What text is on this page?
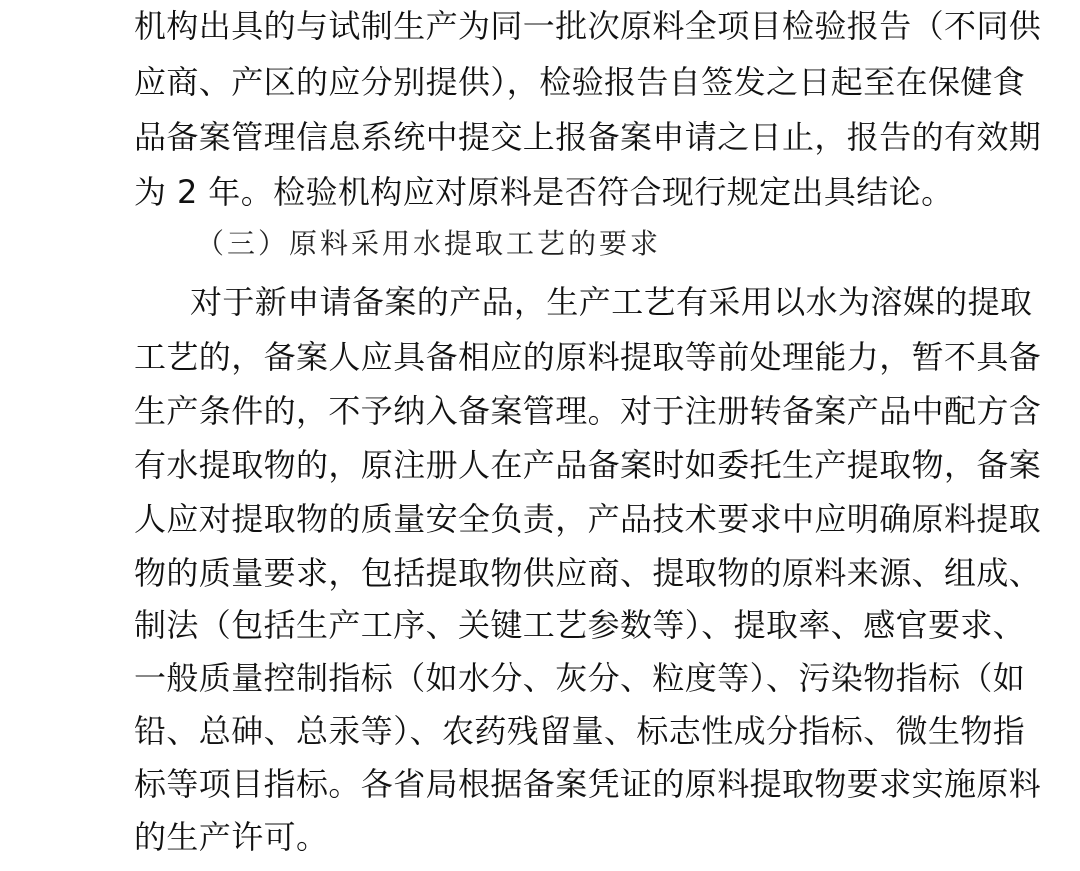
机构出具的与试制生产为同一批次原料全项目检验报告（不同供
应商、产区的应分别提供），检验报告自签发之日起至在保健食
品备案管理信息系统中提交上报备案申请之日止，报告的有效期
为 2 年。检验机构应对原料是否符合现行规定出具结论。
（三）原料采用水提取工艺的要求
对于新申请备案的产品，生产工艺有采用以水为溶媒的提取
工艺的，备案人应具备相应的原料提取等前处理能力，暂不具备
生产条件的，不予纳入备案管理。对于注册转备案产品中配方含
有水提取物的，原注册人在产品备案时如委托生产提取物，备案
人应对提取物的质量安全负责，产品技术要求中应明确原料提取
物的质量要求，包括提取物供应商、提取物的原料来源、组成、
制法（包括生产工序、关键工艺参数等）、提取率、感官要求、
一般质量控制指标（如水分、灰分、粒度等）、污染物指标（如
铅、总砷、总汞等）、农药残留量、标志性成分指标、微生物指
标等项目指标。各省局根据备案凭证的原料提取物要求实施原料
的生产许可。
